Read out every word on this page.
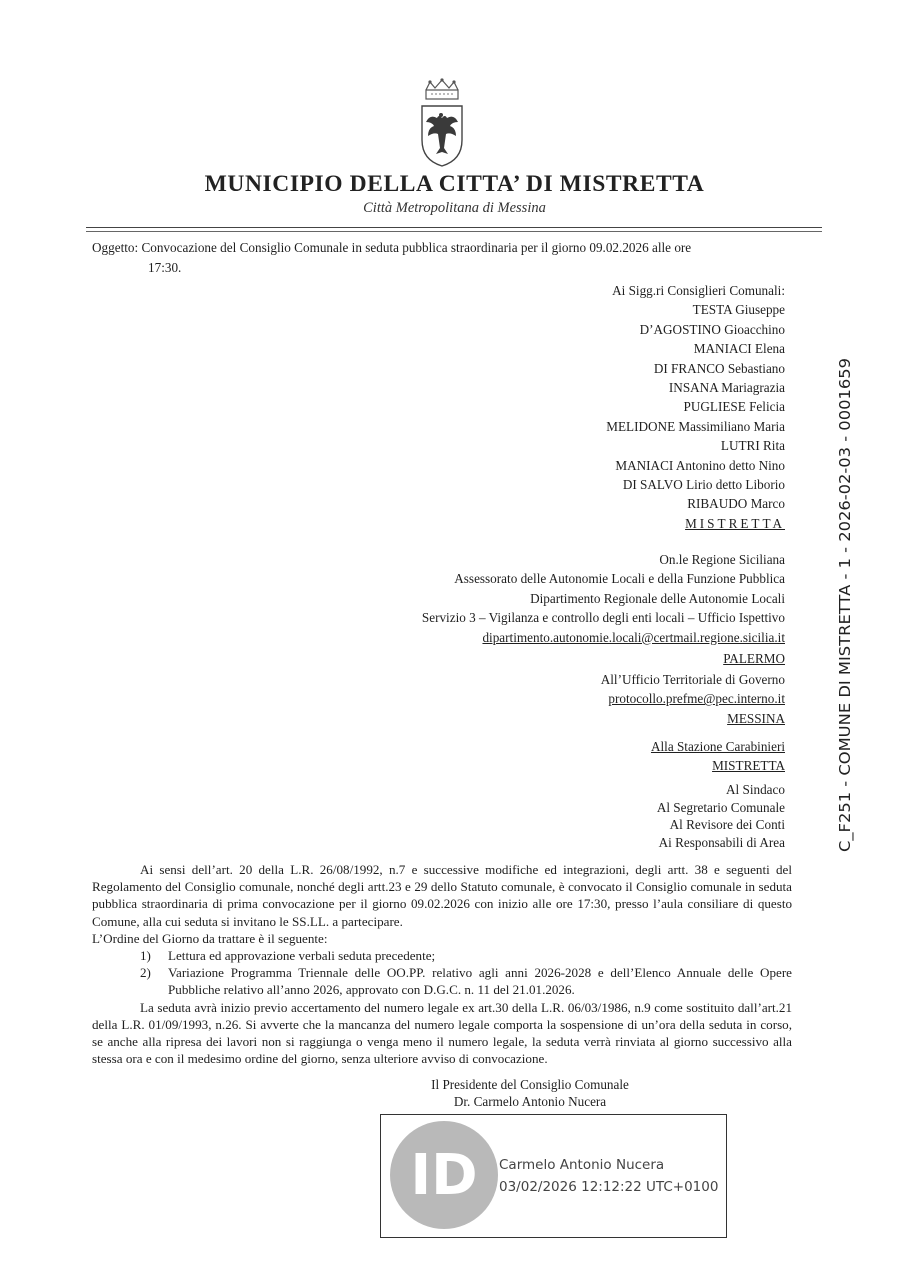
MUNICIPIO DELLA CITTA’ DI MISTRETTA
Città Metropolitana di Messina
Oggetto: Convocazione del Consiglio Comunale in seduta pubblica straordinaria per il giorno 09.02.2026 alle ore
17:30.
Ai Sigg.ri Consiglieri Comunali:
TESTA Giuseppe
D’AGOSTINO Gioacchino
MANIACI Elena
DI FRANCO Sebastiano
INSANA Mariagrazia
PUGLIESE Felicia
MELIDONE Massimiliano Maria
LUTRI Rita
MANIACI Antonino detto Nino
DI SALVO Lirio detto Liborio
RIBAUDO Marco
MISTRETTA
On.le Regione Siciliana
Assessorato delle Autonomie Locali e della Funzione Pubblica
Dipartimento Regionale delle Autonomie Locali
Servizio 3 – Vigilanza e controllo degli enti locali – Ufficio Ispettivo
dipartimento.autonomie.locali@certmail.regione.sicilia.it
PALERMO
All’Ufficio Territoriale di Governo
protocollo.prefme@pec.interno.it
MESSINA
Alla Stazione Carabinieri
MISTRETTA
Al Sindaco
Al Segretario Comunale
Al Revisore dei Conti
Ai Responsabili di Area	C_F251 - COMUNE DI MISTRETTA - 1 - 2026-02-03 - 0001659

Ai sensi dell’art. 20 della L.R. 26/08/1992, n.7 e successive modifiche ed integrazioni, degli artt. 38 e seguenti del Regolamento del Consiglio comunale, nonché degli artt.23 e 29 dello Statuto comunale, è convocato il Consiglio comunale in seduta pubblica straordinaria di prima convocazione per il giorno 09.02.2026 con inizio alle ore 17:30, presso l’aula consiliare di questo Comune, alla cui seduta si invitano le SS.LL. a partecipare.

L’Ordine del Giorno da trattare è il seguente:

1)	Lettura ed approvazione verbali seduta precedente;
2)	Variazione Programma Triennale delle OO.PP. relativo agli anni 2026-2028 e dell’Elenco Annuale delle Opere Pubbliche relativo all’anno 2026, approvato con D.G.C. n. 11 del 21.01.2026.

La seduta avrà inizio previo accertamento del numero legale ex art.30 della L.R. 06/03/1986, n.9 come sostituito dall’art.21 della L.R. 01/09/1993, n.26. Si avverte che la mancanza del numero legale comporta la sospensione di un’ora della seduta in corso, se anche alla ripresa dei lavori non si raggiunga o venga meno il numero legale, la seduta verrà rinviata al giorno successivo alla stessa ora e con il medesimo ordine del giorno, senza ulteriore avviso di convocazione.

Il Presidente del Consiglio Comunale
Dr. Carmelo Antonio Nucera
ID Carmelo Antonio Nucera
03/02/2026 12:12:22 UTC+0100
